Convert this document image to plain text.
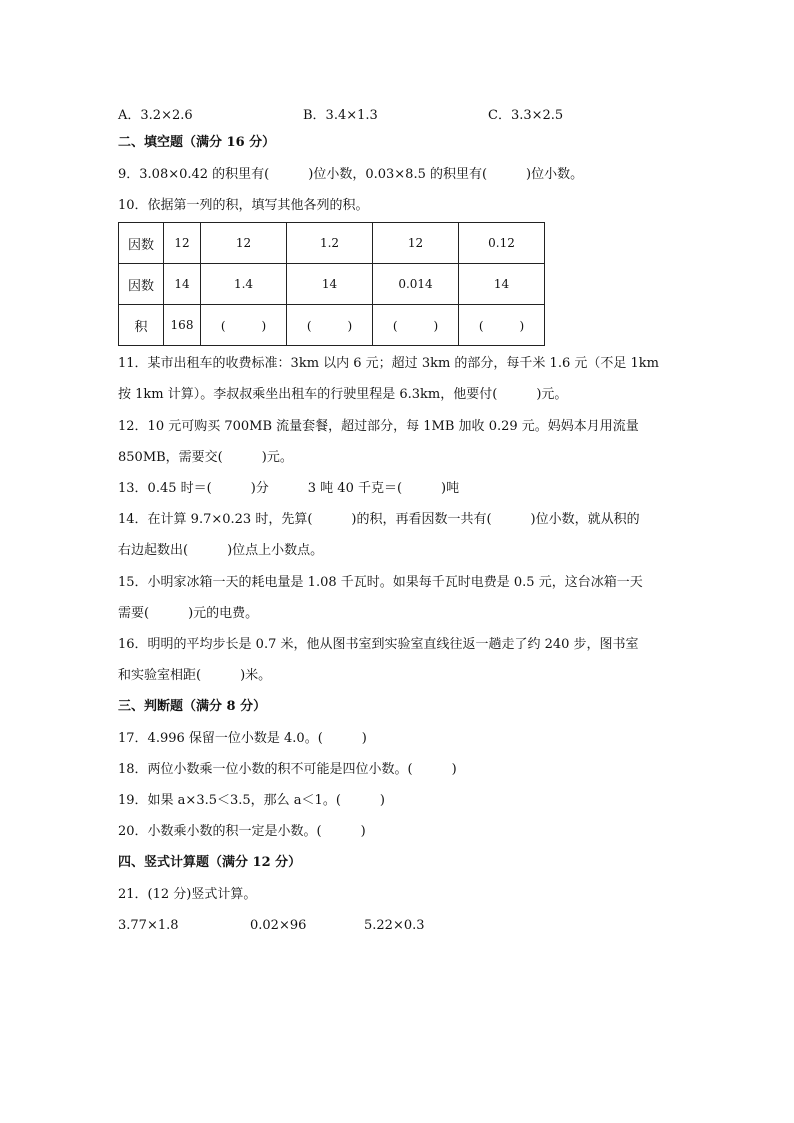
A．3.2×2.6	B．3.4×1.3	C．3.3×2.5
二、填空题（满分 16 分）
9．3.08×0.42 的积里有(　　　)位小数，0.03×8.5 的积里有(　　　)位小数。
10．依据第一列的积，填写其他各列的积。
因数	12	12	1.2	12	0.12
因数	14	1.4	14	0.014	14
积	168	(　　　)	(　　　)	(　　　)	(　　　)
11．某市出租车的收费标准：3km 以内 6 元；超过 3km 的部分，每千米 1.6 元（不足 1km
按 1km 计算）。李叔叔乘坐出租车的行驶里程是 6.3km，他要付(　　　)元。
12．10 元可购买 700MB 流量套餐，超过部分，每 1MB 加收 0.29 元。妈妈本月用流量
850MB，需要交(　　　)元。
13．0.45 时＝(　　　)分　　　3 吨 40 千克＝(　　　)吨
14．在计算 9.7×0.23 时，先算(　　　)的积，再看因数一共有(　　　)位小数，就从积的
右边起数出(　　　)位点上小数点。
15．小明家冰箱一天的耗电量是 1.08 千瓦时。如果每千瓦时电费是 0.5 元，这台冰箱一天
需要(　　　)元的电费。
16．明明的平均步长是 0.7 米，他从图书室到实验室直线往返一趟走了约 240 步，图书室
和实验室相距(　　　)米。
三、判断题（满分 8 分）
17．4.996 保留一位小数是 4.0。(　　　)
18．两位小数乘一位小数的积不可能是四位小数。(　　　)
19．如果 a×3.5＜3.5，那么 a＜1。(　　　)
20．小数乘小数的积一定是小数。(　　　)
四、竖式计算题（满分 12 分）
21．(12 分)竖式计算。
3.77×1.8	0.02×96	5.22×0.3
